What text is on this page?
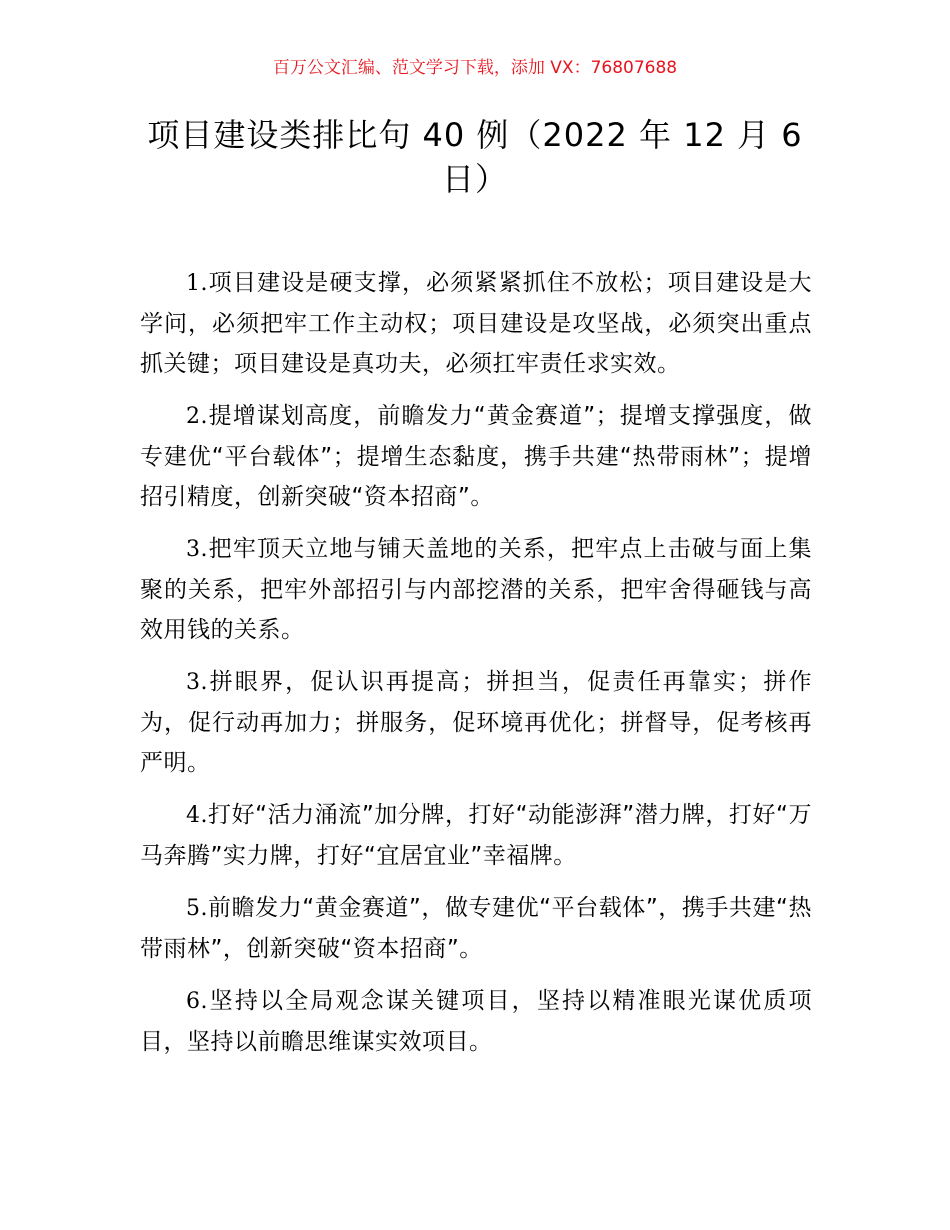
百万公文汇编、范文学习下载，添加 VX：76807688
项目建设类排比句 40 例（2022 年 12 月 6 日）

1.项目建设是硬支撑，必须紧紧抓住不放松；项目建设是大学问，必须把牢工作主动权；项目建设是攻坚战，必须突出重点抓关键；项目建设是真功夫，必须扛牢责任求实效。

2.提增谋划高度，前瞻发力“黄金赛道”；提增支撑强度，做专建优“平台载体”；提增生态黏度，携手共建“热带雨林”；提增招引精度，创新突破“资本招商”。

3.把牢顶天立地与铺天盖地的关系，把牢点上击破与面上集聚的关系，把牢外部招引与内部挖潜的关系，把牢舍得砸钱与高效用钱的关系。

3.拼眼界，促认识再提高；拼担当，促责任再靠实；拼作为，促行动再加力；拼服务，促环境再优化；拼督导，促考核再严明。

4.打好“活力涌流”加分牌，打好“动能澎湃”潜力牌，打好“万马奔腾”实力牌，打好“宜居宜业”幸福牌。

5.前瞻发力“黄金赛道”，做专建优“平台载体”，携手共建“热带雨林”，创新突破“资本招商”。

6.坚持以全局观念谋关键项目，坚持以精准眼光谋优质项目，坚持以前瞻思维谋实效项目。
